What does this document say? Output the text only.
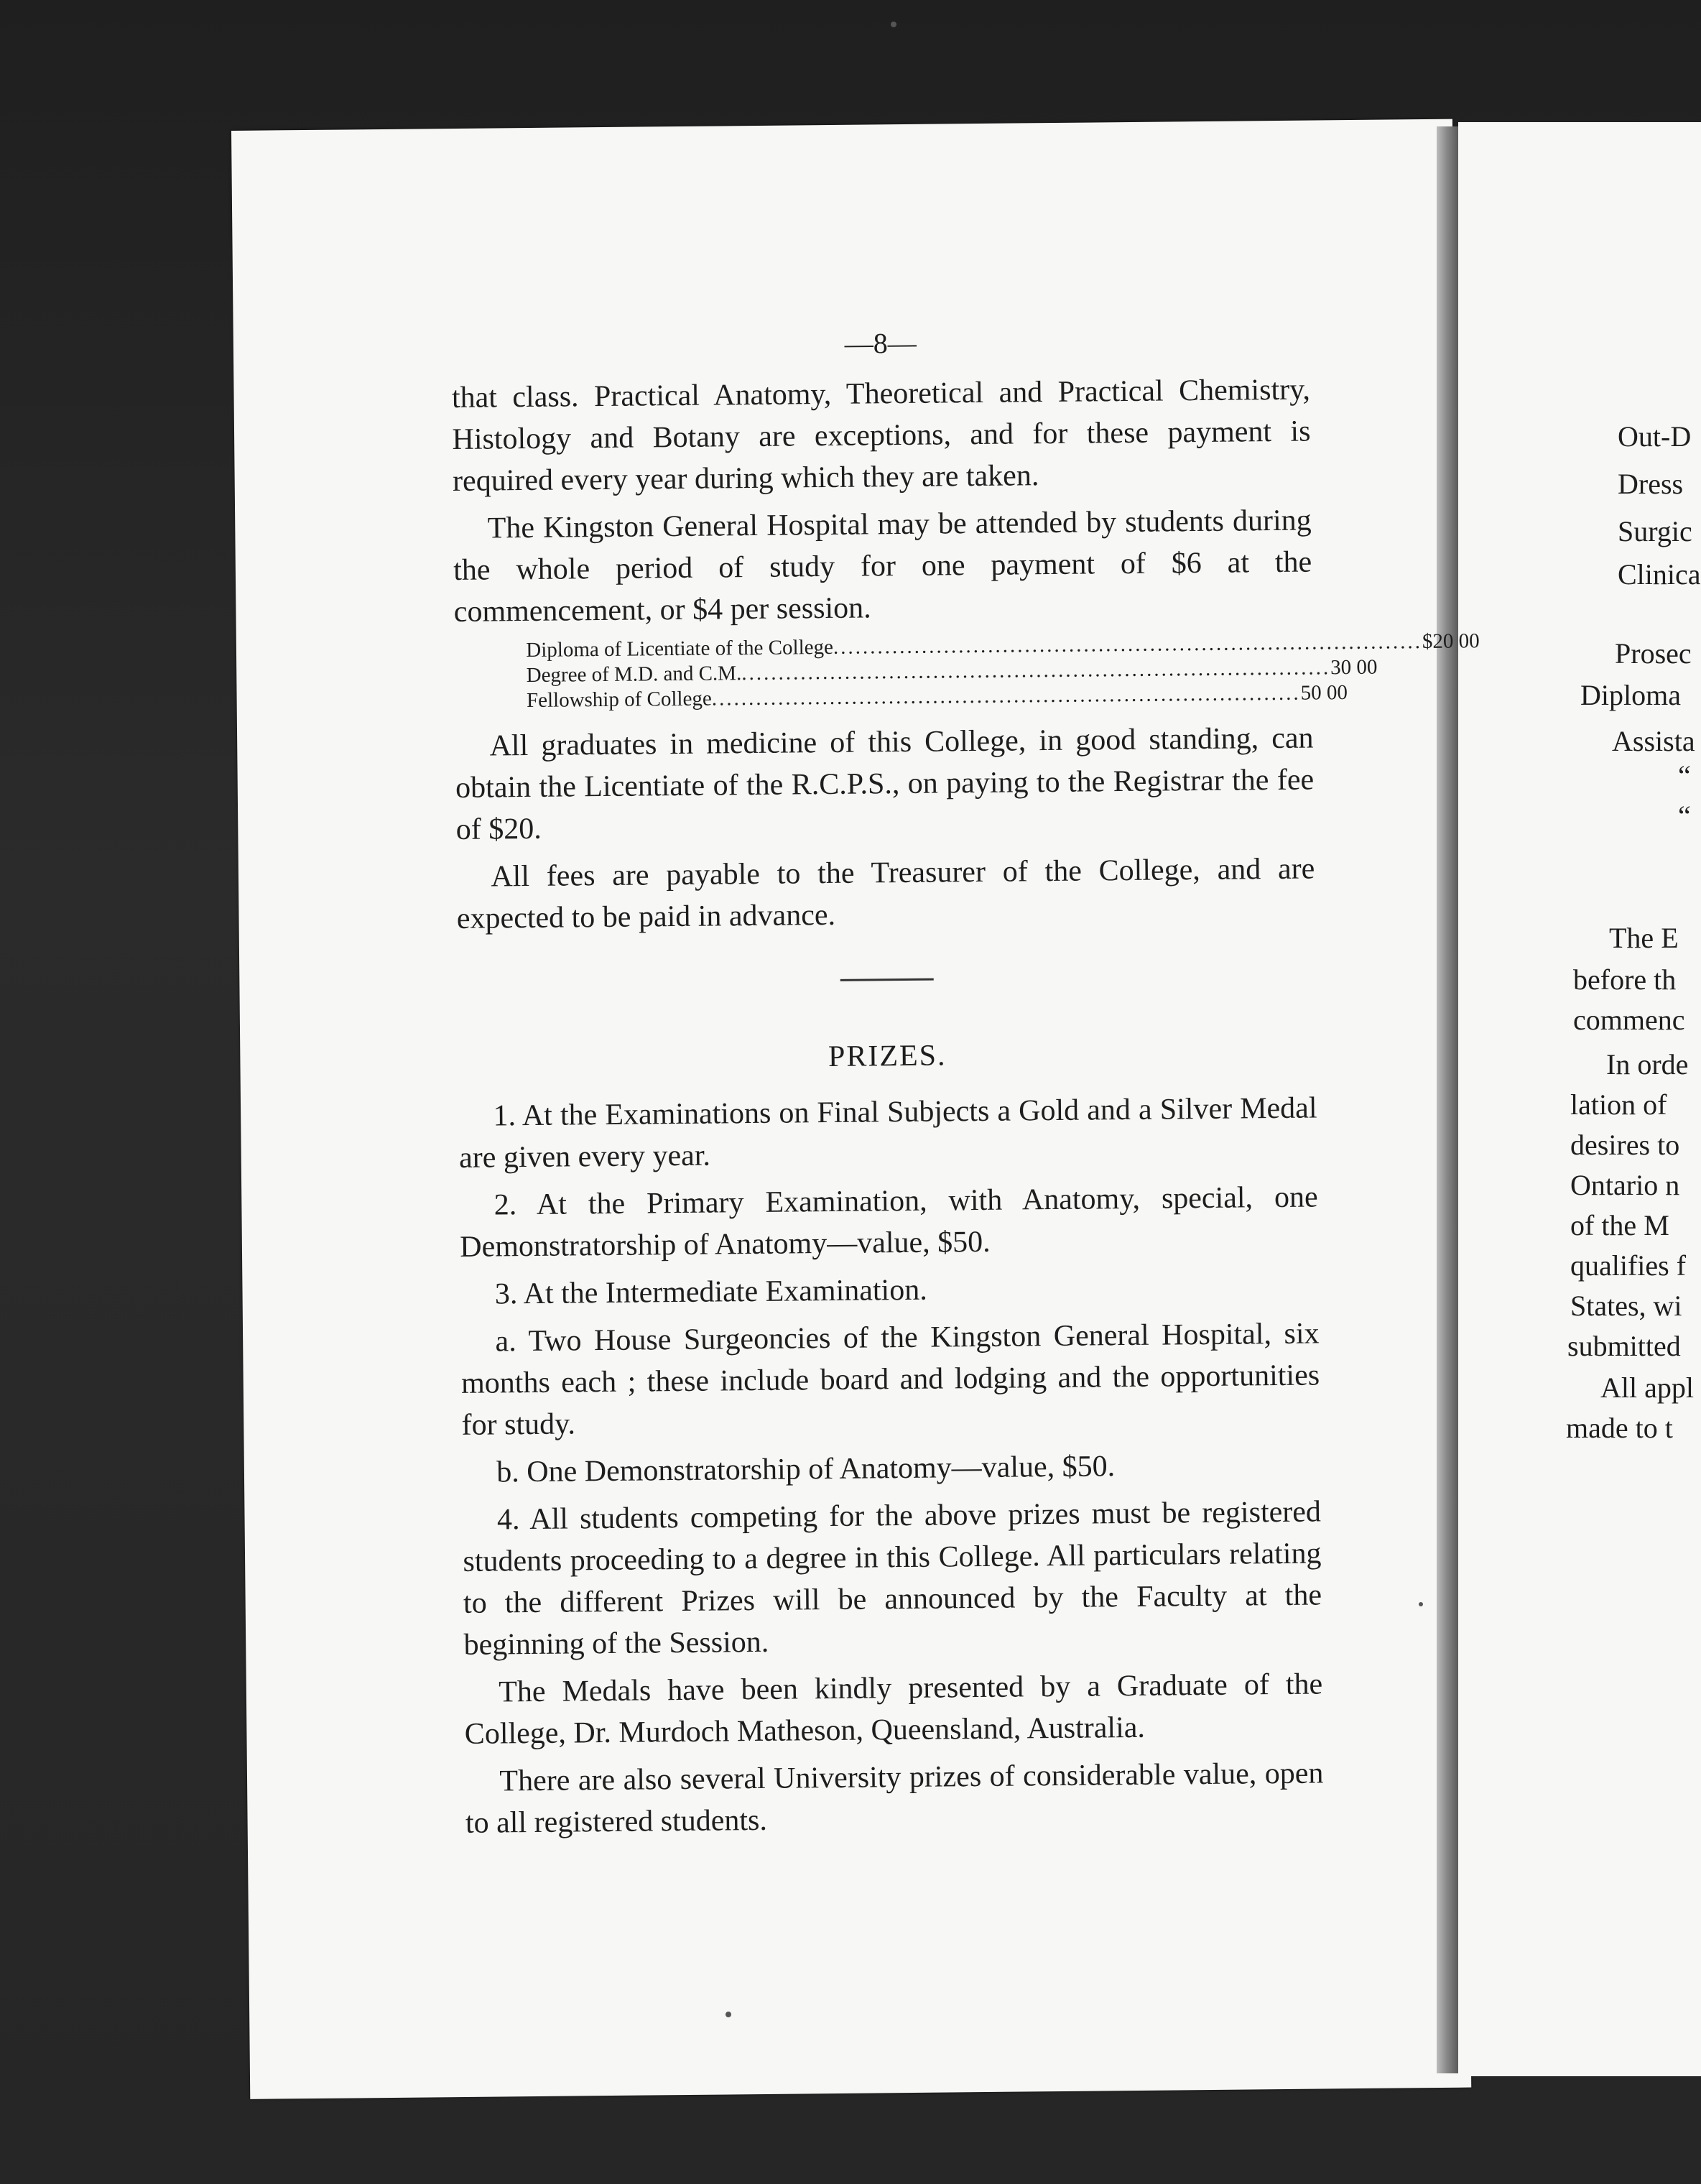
—8—

that class. Practical Anatomy, Theoretical and Practical Chemistry, Histology and Botany are exceptions, and for these payment is required every year during which they are taken.

The Kingston General Hospital may be attended by students during the whole period of study for one payment of $6 at the commencement, or $4 per session.

Diploma of Licentiate of the College ................................................................................ $20 00
Degree of M.D. and C.M. ................................................................................ 30 00
Fellowship of College ................................................................................ 50 00

All graduates in medicine of this College, in good standing, can obtain the Licentiate of the R.C.P.S., on paying to the Registrar the fee of $20.

All fees are payable to the Treasurer of the College, and are expected to be paid in advance.

PRIZES.

1. At the Examinations on Final Subjects a Gold and a Silver Medal are given every year.

2. At the Primary Examination, with Anatomy, special, one Demonstratorship of Anatomy—value, $50.

3. At the Intermediate Examination.

a. Two House Surgeoncies of the Kingston General Hospital, six months each ; these include board and lodging and the opportunities for study.

b. One Demonstratorship of Anatomy—value, $50.

4. All students competing for the above prizes must be registered students proceeding to a degree in this College. All particulars relating to the different Prizes will be announced by the Faculty at the beginning of the Session.

The Medals have been kindly presented by a Graduate of the College, Dr. Murdoch Matheson, Queensland, Australia.

There are also several University prizes of considerable value, open to all registered students.

Out-D
Dress
Surgic
Clinica
Prosec
Diploma
Assista
“
“
The E
before th
commenc
In orde
lation of
desires to
Ontario n
of the M
qualifies f
States, wi
submitted
All appl
made to t
